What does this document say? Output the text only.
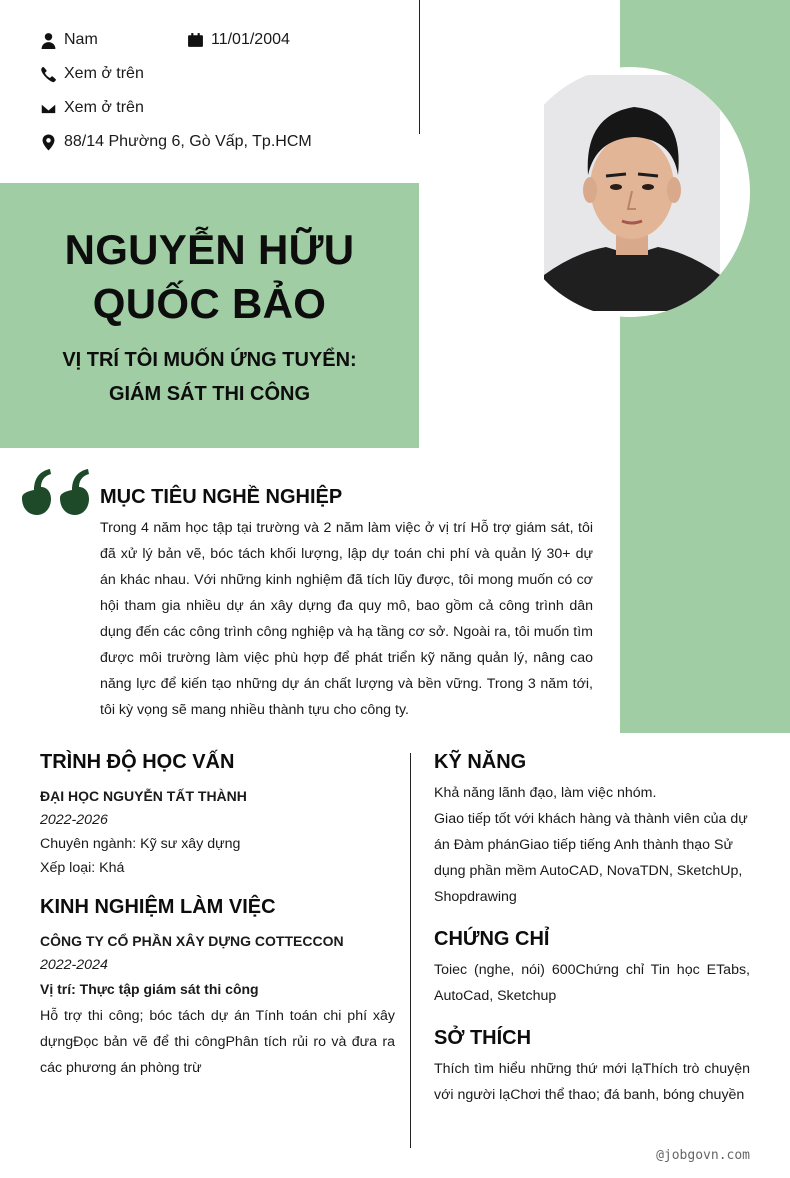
Nam	11/01/2004
Xem ở trên
Xem ở trên
88/14 Phường 6, Gò Vấp, Tp.HCM
NGUYỄN HỮU
QUỐC BẢO
VỊ TRÍ TÔI MUỐN ỨNG TUYỂN:
GIÁM SÁT THI CÔNG
MỤC TIÊU NGHỀ NGHIỆP
Trong 4 năm học tập tại trường và 2 năm làm việc ở vị trí Hỗ trợ giám sát, tôi đã xử lý bản vẽ, bóc tách khối lượng, lập dự toán chi phí và quản lý 30+ dự án khác nhau. Với những kinh nghiệm đã tích lũy được, tôi mong muốn có cơ hội tham gia nhiều dự án xây dựng đa quy mô, bao gồm cả công trình dân dụng đến các công trình công nghiệp và hạ tầng cơ sở. Ngoài ra, tôi muốn tìm được môi trường làm việc phù hợp để phát triển kỹ năng quản lý, nâng cao năng lực để kiến tạo những dự án chất lượng và bền vững. Trong 3 năm tới, tôi kỳ vọng sẽ mang nhiều thành tựu cho công ty.
TRÌNH ĐỘ HỌC VẤN
ĐẠI HỌC NGUYỄN TẤT THÀNH
2022-2026
Chuyên ngành: Kỹ sư xây dựng
Xếp loại: Khá
KINH NGHIỆM LÀM VIỆC
CÔNG TY CỔ PHẦN XÂY DỰNG COTTECCON
2022-2024
Vị trí: Thực tập giám sát thi công
Hỗ trợ thi công; bóc tách dự án Tính toán chi phí xây dựngĐọc bản vẽ để thi côngPhân tích rủi ro và đưa ra các phương án phòng trừ
KỸ NĂNG
Khả năng lãnh đạo, làm việc nhóm.
Giao tiếp tốt với khách hàng và thành viên của dự án Đàm phánGiao tiếp tiếng Anh thành thạo Sử dụng phần mềm AutoCAD, NovaTDN, SketchUp, Shopdrawing
CHỨNG CHỈ
Toiec (nghe, nói) 600Chứng chỉ Tin học ETabs, AutoCad, Sketchup
SỞ THÍCH
Thích tìm hiểu những thứ mới lạThích trò chuyện với người lạChơi thể thao; đá banh, bóng chuyền
@jobgovn.com
